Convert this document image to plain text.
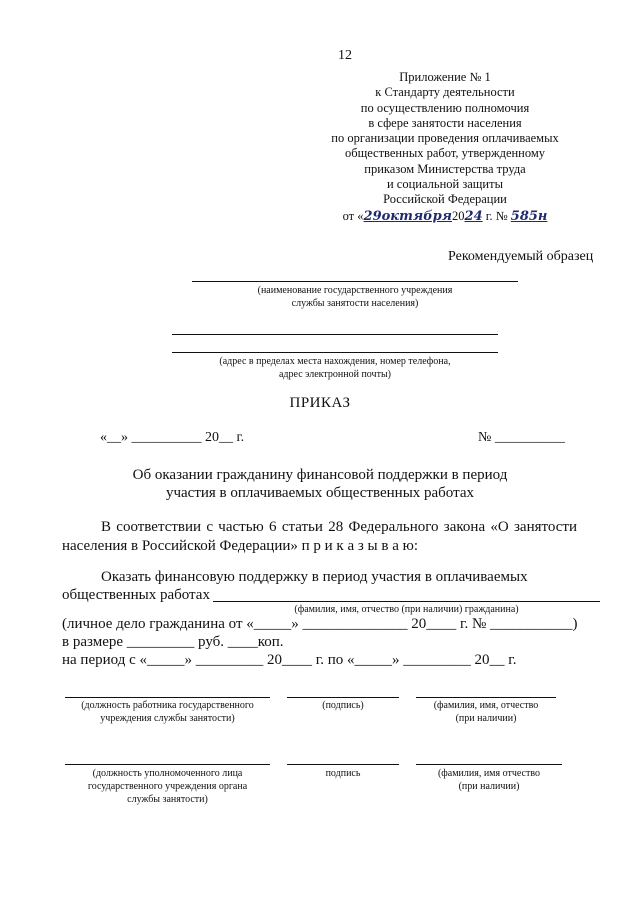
12
Приложение № 1
к Стандарту деятельности
по осуществлению полномочия
в сфере занятости населения
по организации проведения оплачиваемых
общественных работ, утвержденному
приказом Министерства труда
и социальной защиты
Российской Федерации
от «29октября2024 г. № 585н
Рекомендуемый образец
(наименование государственного учреждения
службы занятости населения)
(адрес в пределах места нахождения, номер телефона,
адрес электронной почты)
ПРИКАЗ
«__» __________ 20__ г.	№ __________
Об оказании гражданину финансовой поддержки в период
участия в оплачиваемых общественных работах
В соответствии с частью 6 статьи 28 Федерального закона «О занятости
населения в Российской Федерации» п р и к а з ы в а ю:
Оказать финансовую поддержку в период участия в оплачиваемых
общественных работах
(фамилия, имя, отчество (при наличии) гражданина)
(личное дело гражданина от «_____» ______________ 20____ г. № ___________)
в размере _________ руб. ____коп.
на период с «_____» _________ 20____ г. по «_____» _________ 20__ г.
(должность работника государственного
учреждения службы занятости)
(подпись)	(фамилия, имя, отчество
(при наличии)
(должность уполномоченного лица
государственного учреждения органа
службы занятости)
подпись	(фамилия, имя отчество
(при наличии)
